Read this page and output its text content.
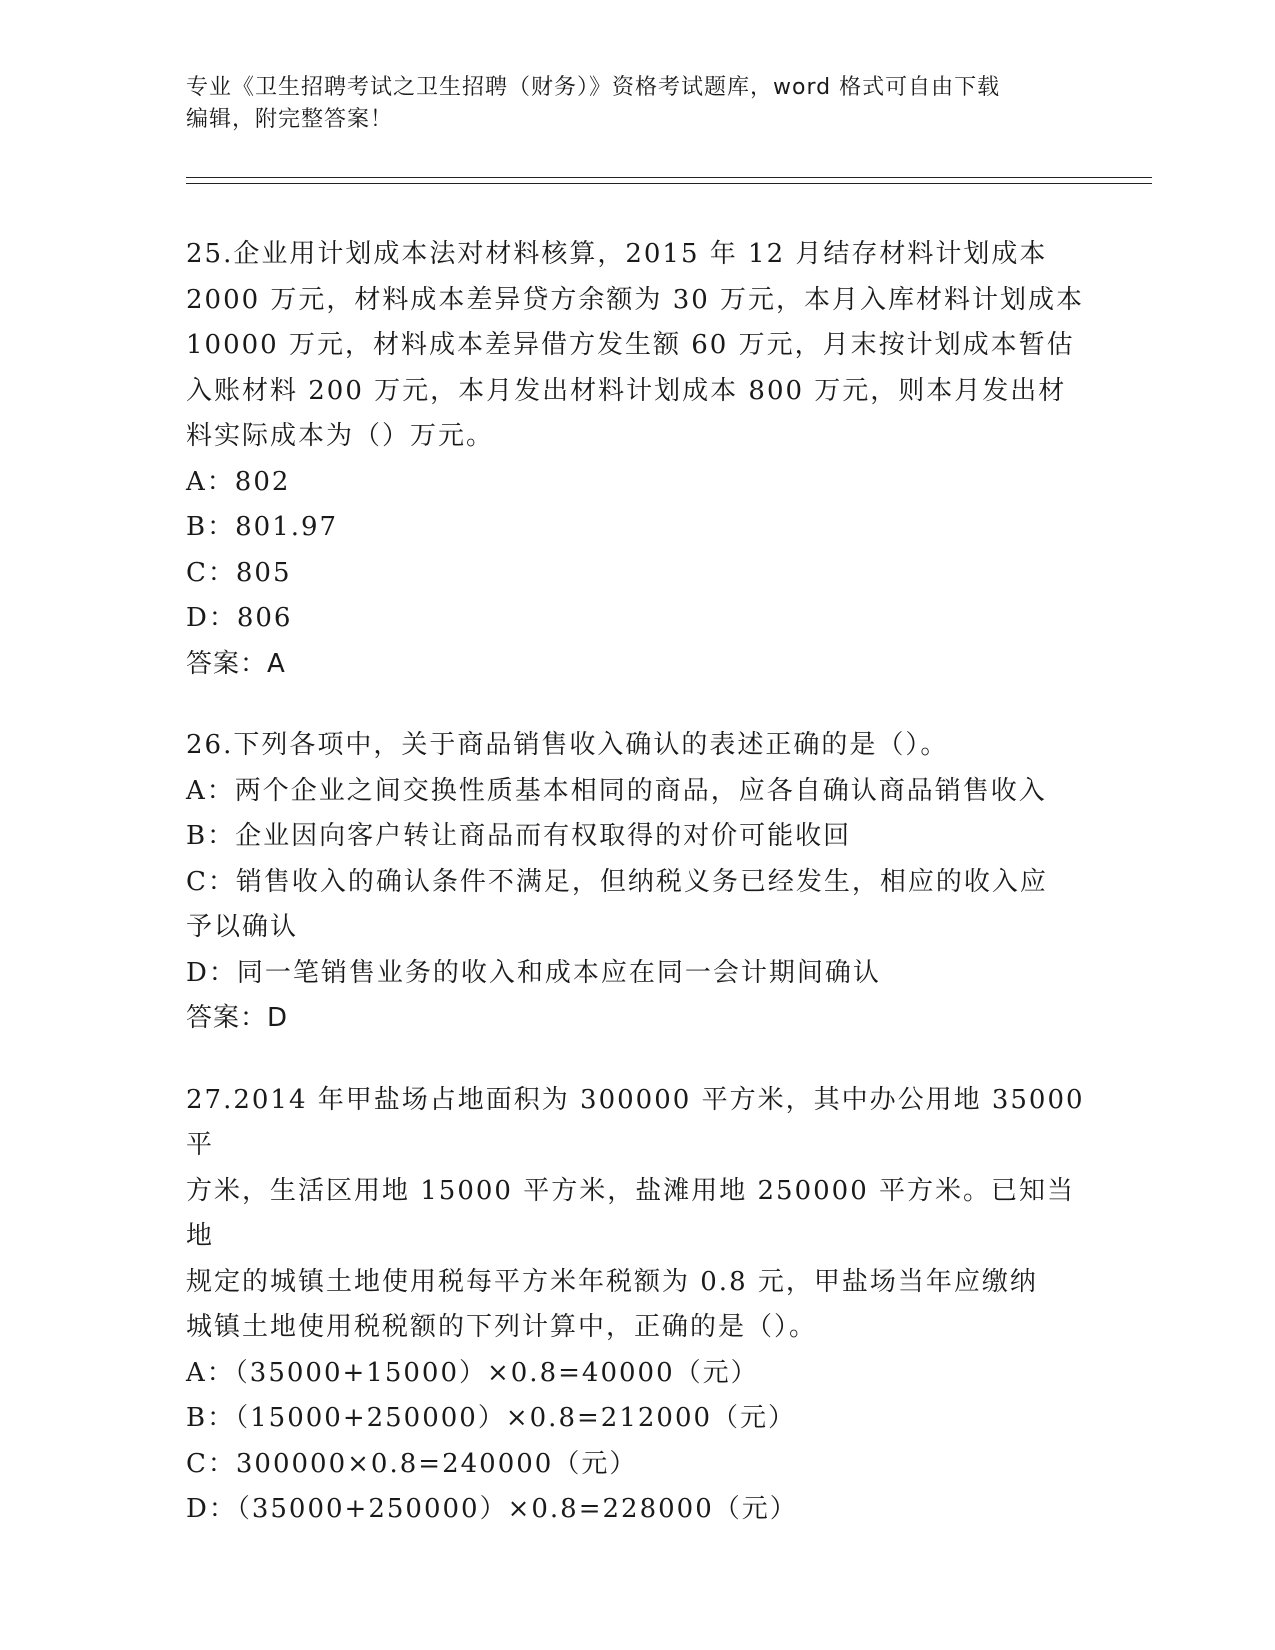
专业《卫生招聘考试之卫生招聘（财务）》资格考试题库，word 格式可自由下载
编辑，附完整答案！
25.企业用计划成本法对材料核算，2015 年 12 月结存材料计划成本
2000 万元，材料成本差异贷方余额为 30 万元，本月入库材料计划成本
10000 万元，材料成本差异借方发生额 60 万元，月末按计划成本暂估
入账材料 200 万元，本月发出材料计划成本 800 万元，则本月发出材
料实际成本为（）万元。
A：802
B：801.97
C：805
D：806
答案：A
26.下列各项中，关于商品销售收入确认的表述正确的是（）。
A：两个企业之间交换性质基本相同的商品，应各自确认商品销售收入
B：企业因向客户转让商品而有权取得的对价可能收回
C：销售收入的确认条件不满足，但纳税义务已经发生，相应的收入应
予以确认
D：同一笔销售业务的收入和成本应在同一会计期间确认
答案：D
27.2014 年甲盐场占地面积为 300000 平方米，其中办公用地 35000 平
方米，生活区用地 15000 平方米，盐滩用地 250000 平方米。已知当地
规定的城镇土地使用税每平方米年税额为 0.8 元，甲盐场当年应缴纳
城镇土地使用税税额的下列计算中，正确的是（）。
A：（35000+15000）×0.8=40000（元）
B：（15000+250000）×0.8=212000（元）
C：300000×0.8=240000（元）
D：（35000+250000）×0.8=228000（元）
